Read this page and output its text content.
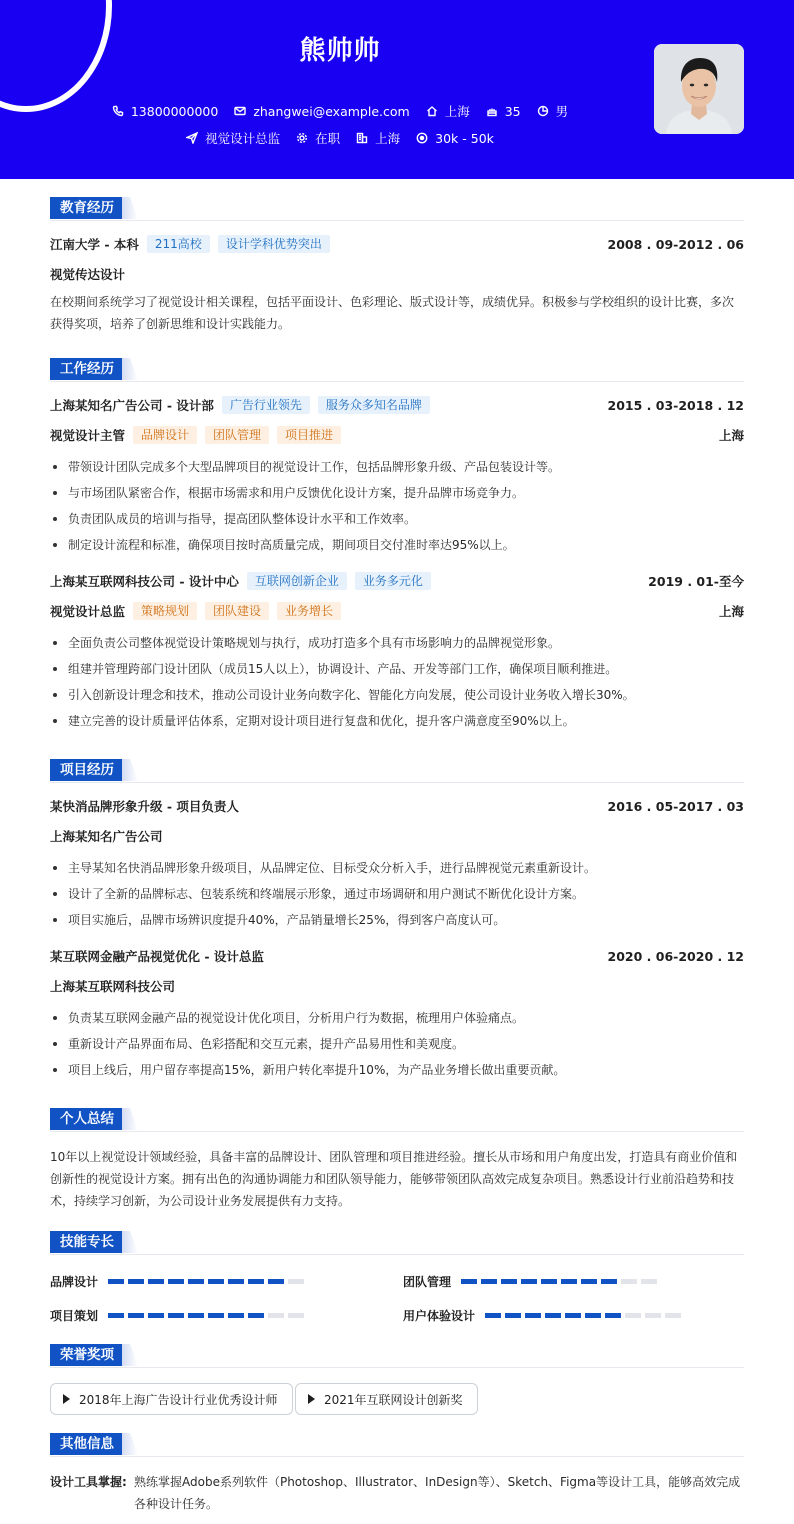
熊帅帅
13800000000	zhangwei@example.com	上海	35	男
视觉设计总监	在职	上海	30k - 50k
教育经历
江南大学 - 本科	211高校	设计学科优势突出	2008 . 09-2012 . 06
视觉传达设计
在校期间系统学习了视觉设计相关课程，包括平面设计、色彩理论、版式设计等，成绩优异。积极参与学校组织的设计比赛，多次获得奖项，培养了创新思维和设计实践能力。
工作经历
上海某知名广告公司 - 设计部	广告行业领先	服务众多知名品牌	2015 . 03-2018 . 12
视觉设计主管	品牌设计	团队管理	项目推进	上海
带领设计团队完成多个大型品牌项目的视觉设计工作，包括品牌形象升级、产品包装设计等。
与市场团队紧密合作，根据市场需求和用户反馈优化设计方案，提升品牌市场竞争力。
负责团队成员的培训与指导，提高团队整体设计水平和工作效率。
制定设计流程和标准，确保项目按时高质量完成，期间项目交付准时率达95%以上。
上海某互联网科技公司 - 设计中心	互联网创新企业	业务多元化	2019 . 01-至今
视觉设计总监	策略规划	团队建设	业务增长	上海
全面负责公司整体视觉设计策略规划与执行，成功打造多个具有市场影响力的品牌视觉形象。
组建并管理跨部门设计团队（成员15人以上），协调设计、产品、开发等部门工作，确保项目顺利推进。
引入创新设计理念和技术，推动公司设计业务向数字化、智能化方向发展，使公司设计业务收入增长30%。
建立完善的设计质量评估体系，定期对设计项目进行复盘和优化，提升客户满意度至90%以上。
项目经历
某快消品牌形象升级 - 项目负责人	2016 . 05-2017 . 03
上海某知名广告公司
主导某知名快消品牌形象升级项目，从品牌定位、目标受众分析入手，进行品牌视觉元素重新设计。
设计了全新的品牌标志、包装系统和终端展示形象，通过市场调研和用户测试不断优化设计方案。
项目实施后，品牌市场辨识度提升40%，产品销量增长25%，得到客户高度认可。
某互联网金融产品视觉优化 - 设计总监	2020 . 06-2020 . 12
上海某互联网科技公司
负责某互联网金融产品的视觉设计优化项目，分析用户行为数据，梳理用户体验痛点。
重新设计产品界面布局、色彩搭配和交互元素，提升产品易用性和美观度。
项目上线后，用户留存率提高15%，新用户转化率提升10%，为产品业务增长做出重要贡献。
个人总结
10年以上视觉设计领域经验，具备丰富的品牌设计、团队管理和项目推进经验。擅长从市场和用户角度出发，打造具有商业价值和创新性的视觉设计方案。拥有出色的沟通协调能力和团队领导能力，能够带领团队高效完成复杂项目。熟悉设计行业前沿趋势和技术，持续学习创新，为公司设计业务发展提供有力支持。
技能专长
品牌设计	团队管理
项目策划	用户体验设计
荣誉奖项
2018年上海广告设计行业优秀设计师	2021年互联网设计创新奖
其他信息
设计工具掌握: 熟练掌握Adobe系列软件（Photoshop、Illustrator、InDesign等）、Sketch、Figma等设计工具，能够高效完成各种设计任务。
